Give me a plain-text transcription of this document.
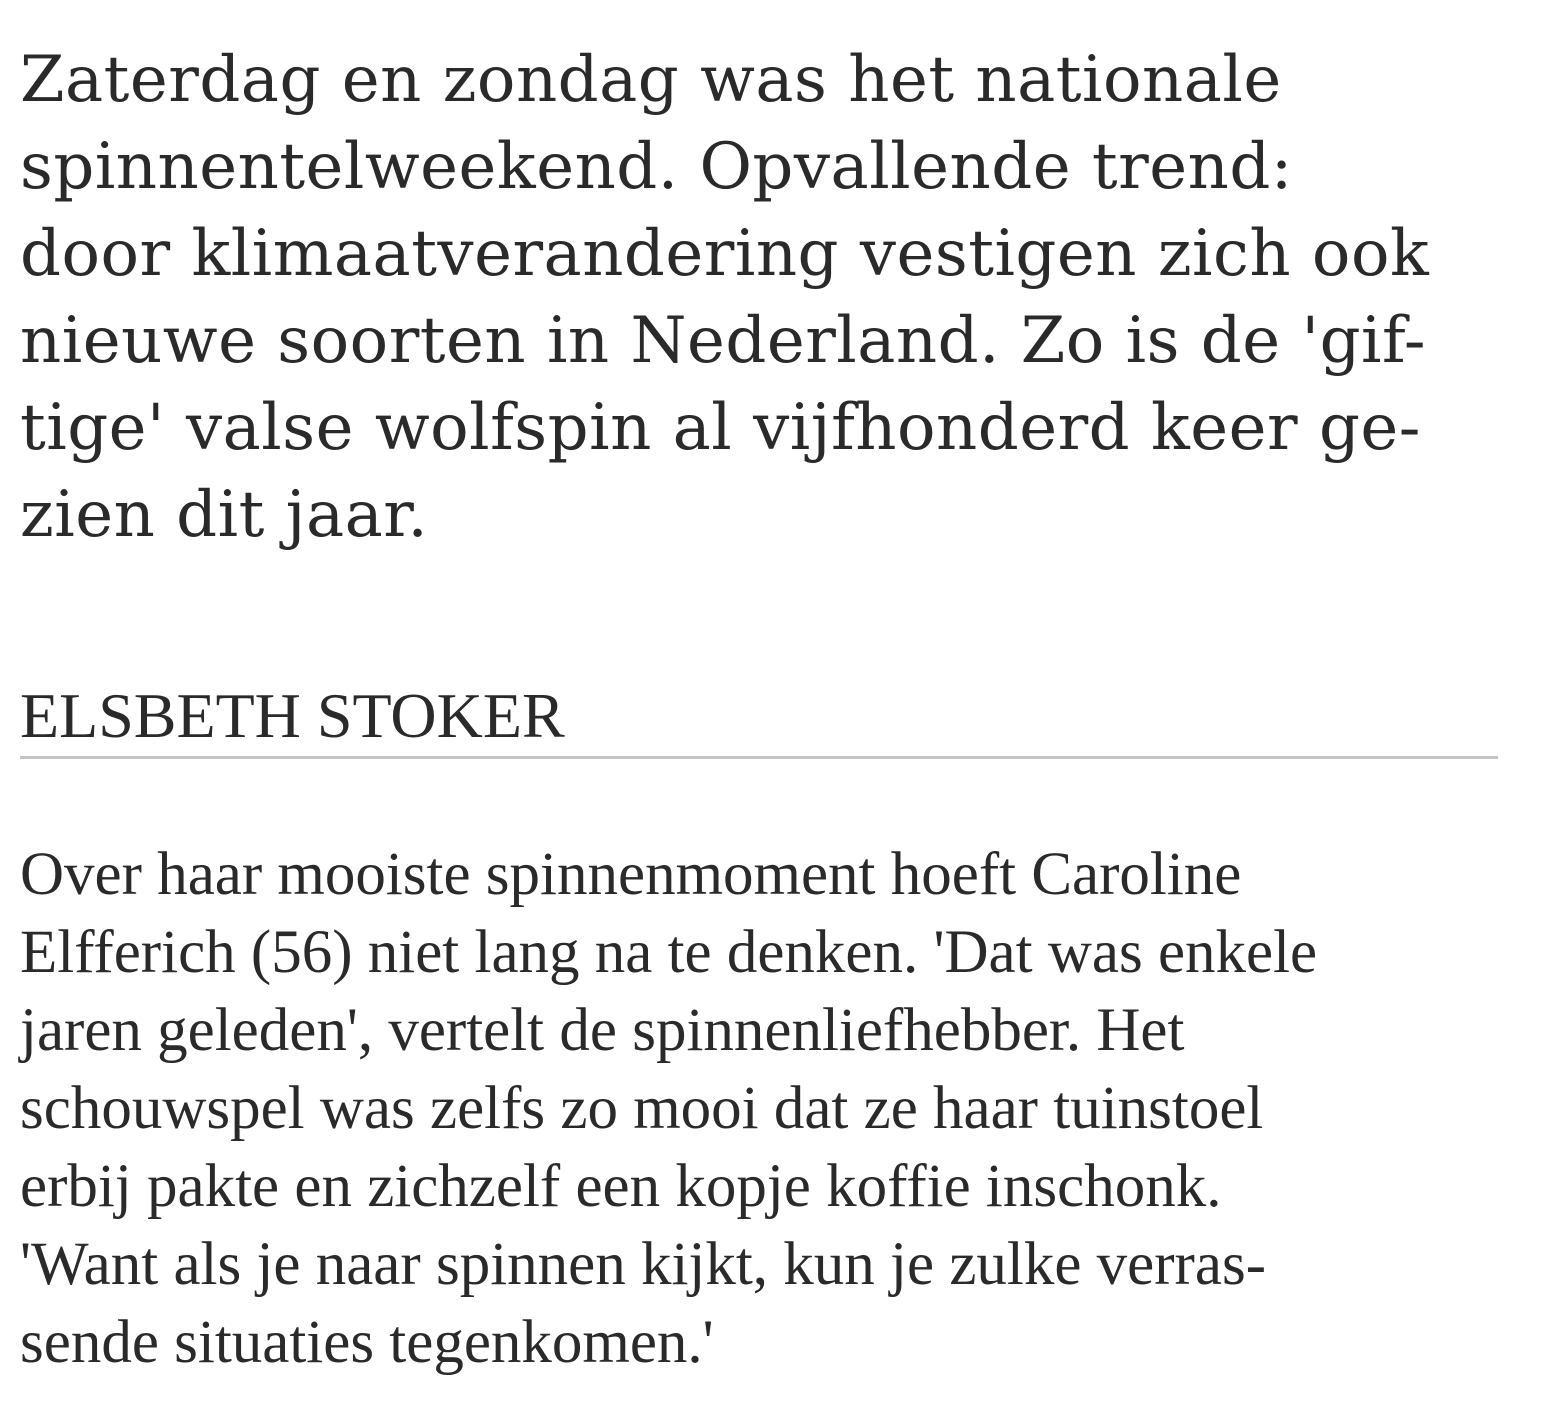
Zaterdag en zondag was het nationale
spinnentelweekend. Opvallende trend:
door klimaatverandering vestigen zich ook
nieuwe soorten in Nederland. Zo is de 'gif-
tige' valse wolfspin al vijfhonderd keer ge-
zien dit jaar.

ELSBETH STOKER

Over haar mooiste spinnenmoment hoeft Caroline
Elfferich (56) niet lang na te denken. 'Dat was enkele
jaren geleden', vertelt de spinnenliefhebber. Het
schouwspel was zelfs zo mooi dat ze haar tuinstoel
erbij pakte en zichzelf een kopje koffie inschonk.
'Want als je naar spinnen kijkt, kun je zulke verras-
sende situaties tegenkomen.'
